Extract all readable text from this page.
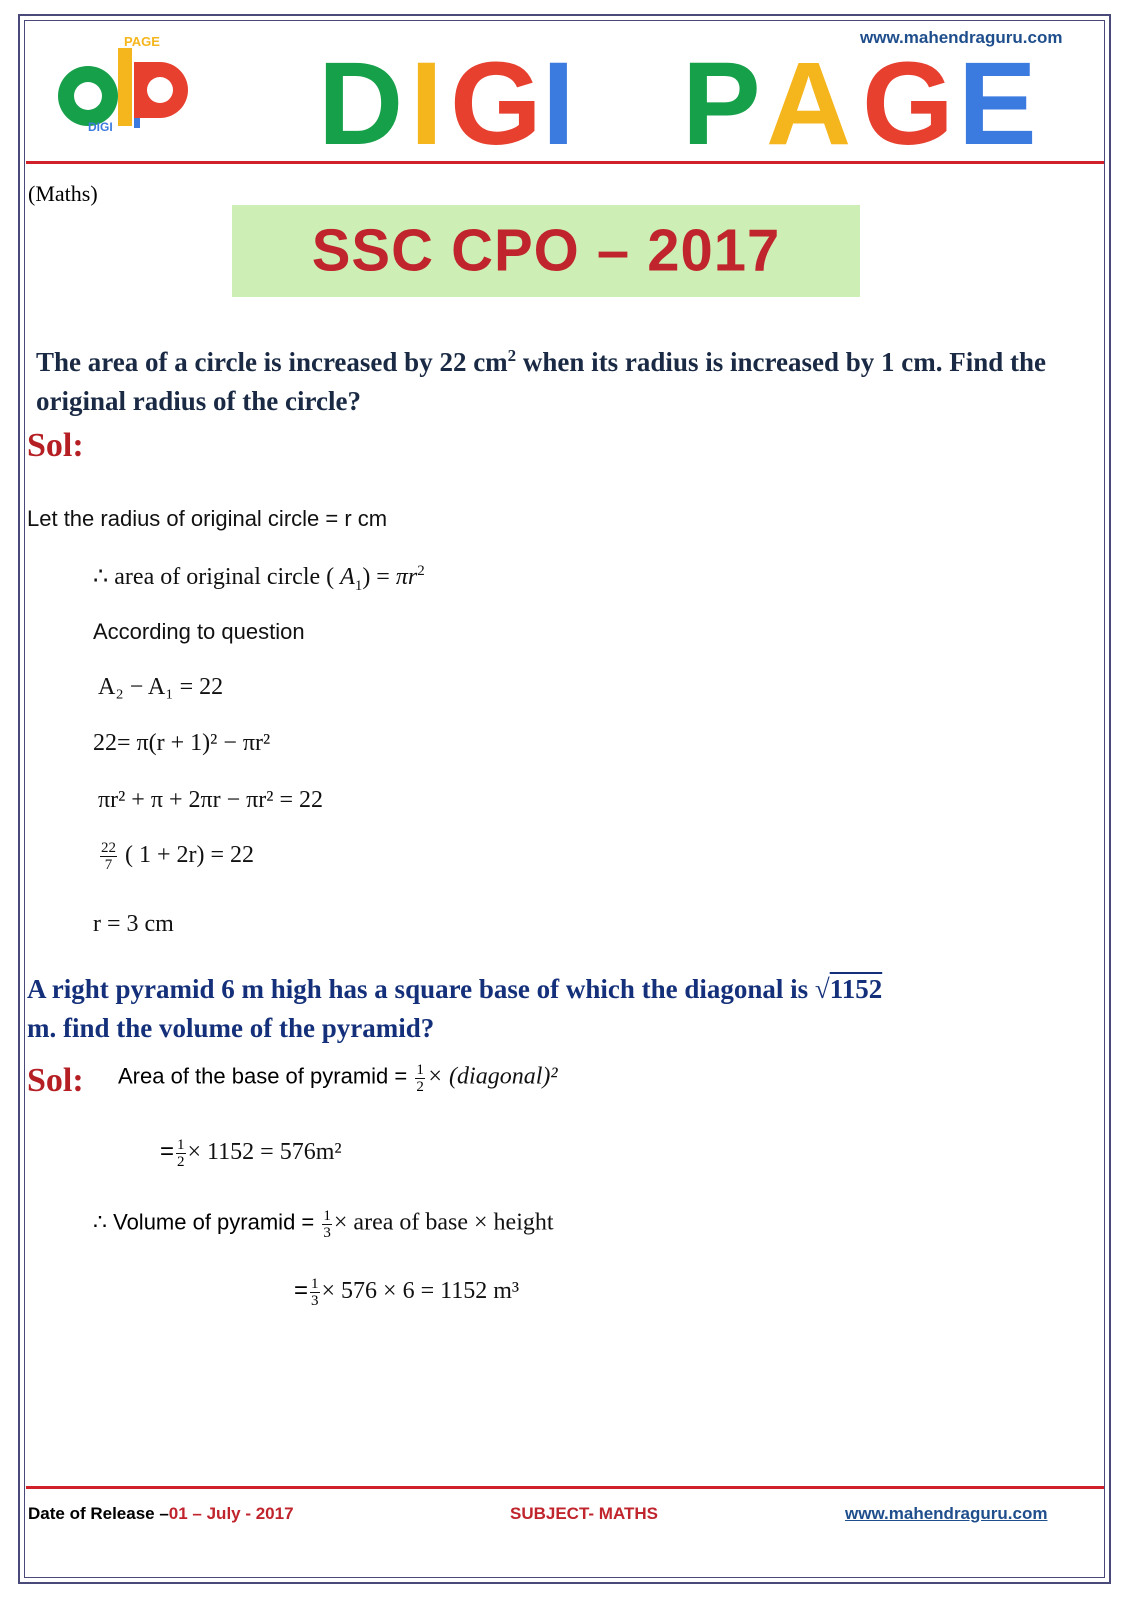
www.mahendraguru.com
PAGE
DIGI D I G I P A G E
(Maths)
SSC CPO – 2017
The area of a circle is increased by 22 $cm^2$ when its radius is increased by 1 cm. Find the original radius of the circle?
Sol:
Let the radius of original circle = r cm
∴ area of original circle ( $A_1) = \pi r^2$
According to question
A₂ − A₁ = 22
22= π(r + 1)² − πr²
πr² + π + 2πr − πr² = 22
$\frac{22}{7}$ ( 1 + 2r) = 22
r = 3 cm
A right pyramid 6 m high has a square base of which the diagonal is √1152
m. find the volume of the pyramid?
Sol: Area of the base of pyramid = $\frac{1}{2}$ × (diagonal)²
= $\frac{1}{2} \times 1152 = 576m^2$
∴ Volume of pyramid = $\frac{1}{3}$ × area of base × height
= $\frac{1}{3} \times 576 \times 6 = 1152$ m³
Date of Release –01 – July - 2017	SUBJECT- MATHS	www.mahendraguru.com
